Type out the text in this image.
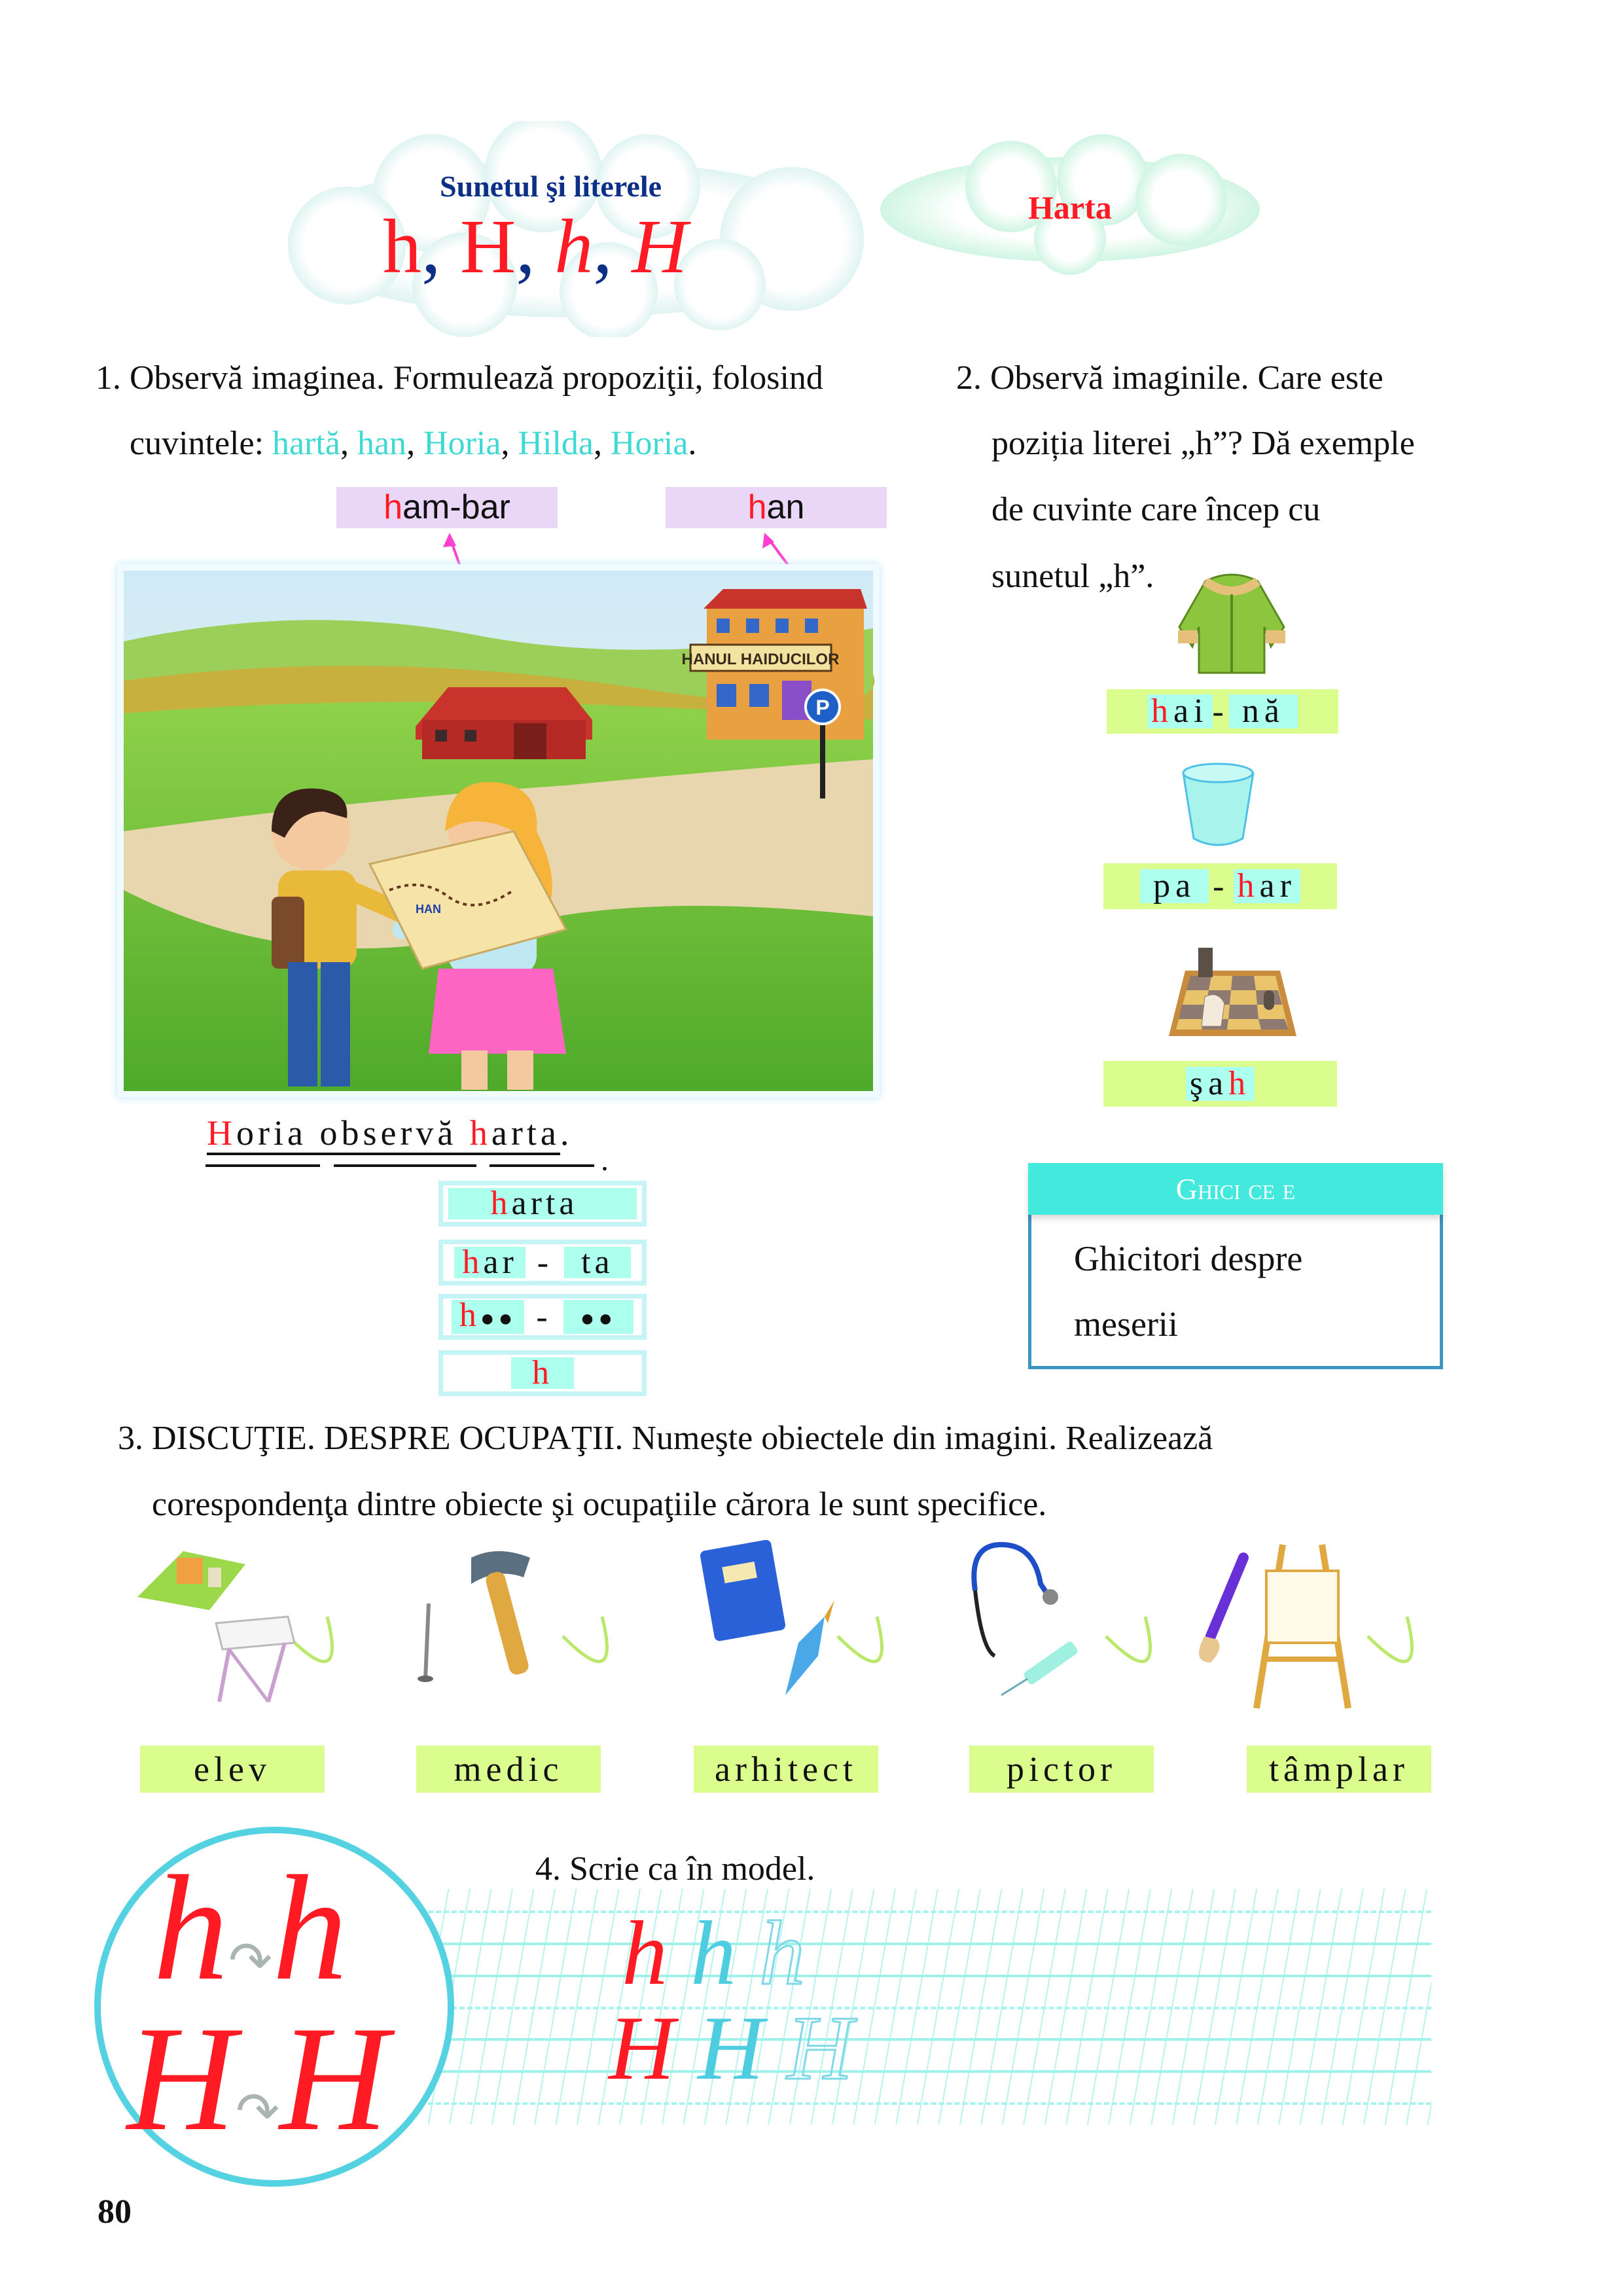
Sunetul şi literele
h, H, h, H	Harta
1. Observă imaginea. Formulează propoziţii, folosind
cuvintele: hartă, han, Horia, Hilda, Horia.
ham-bar	han
HANUL HAIDUCILOR
P
HAN
Horia observă harta.
.
harta
har - ta
h●● -	●●
h
2. Observă imaginile. Care este
poziția literei „h”? Dă exemple
de cuvinte care încep cu
sunetul „h”.
hai - nă
pa - har
şah
Ghici ce e
Ghicitori despre
meserii
3. DISCUŢIE. DESPRE OCUPAŢII. Numeşte obiectele din imagini. Realizează
corespondenţa dintre obiecte şi ocupaţiile cărora le sunt specifice.
elev	medic	arhitect	pictor	tâmplar
4. Scrie ca în model.
h h h
H H H
h↷h
H↷H
80
